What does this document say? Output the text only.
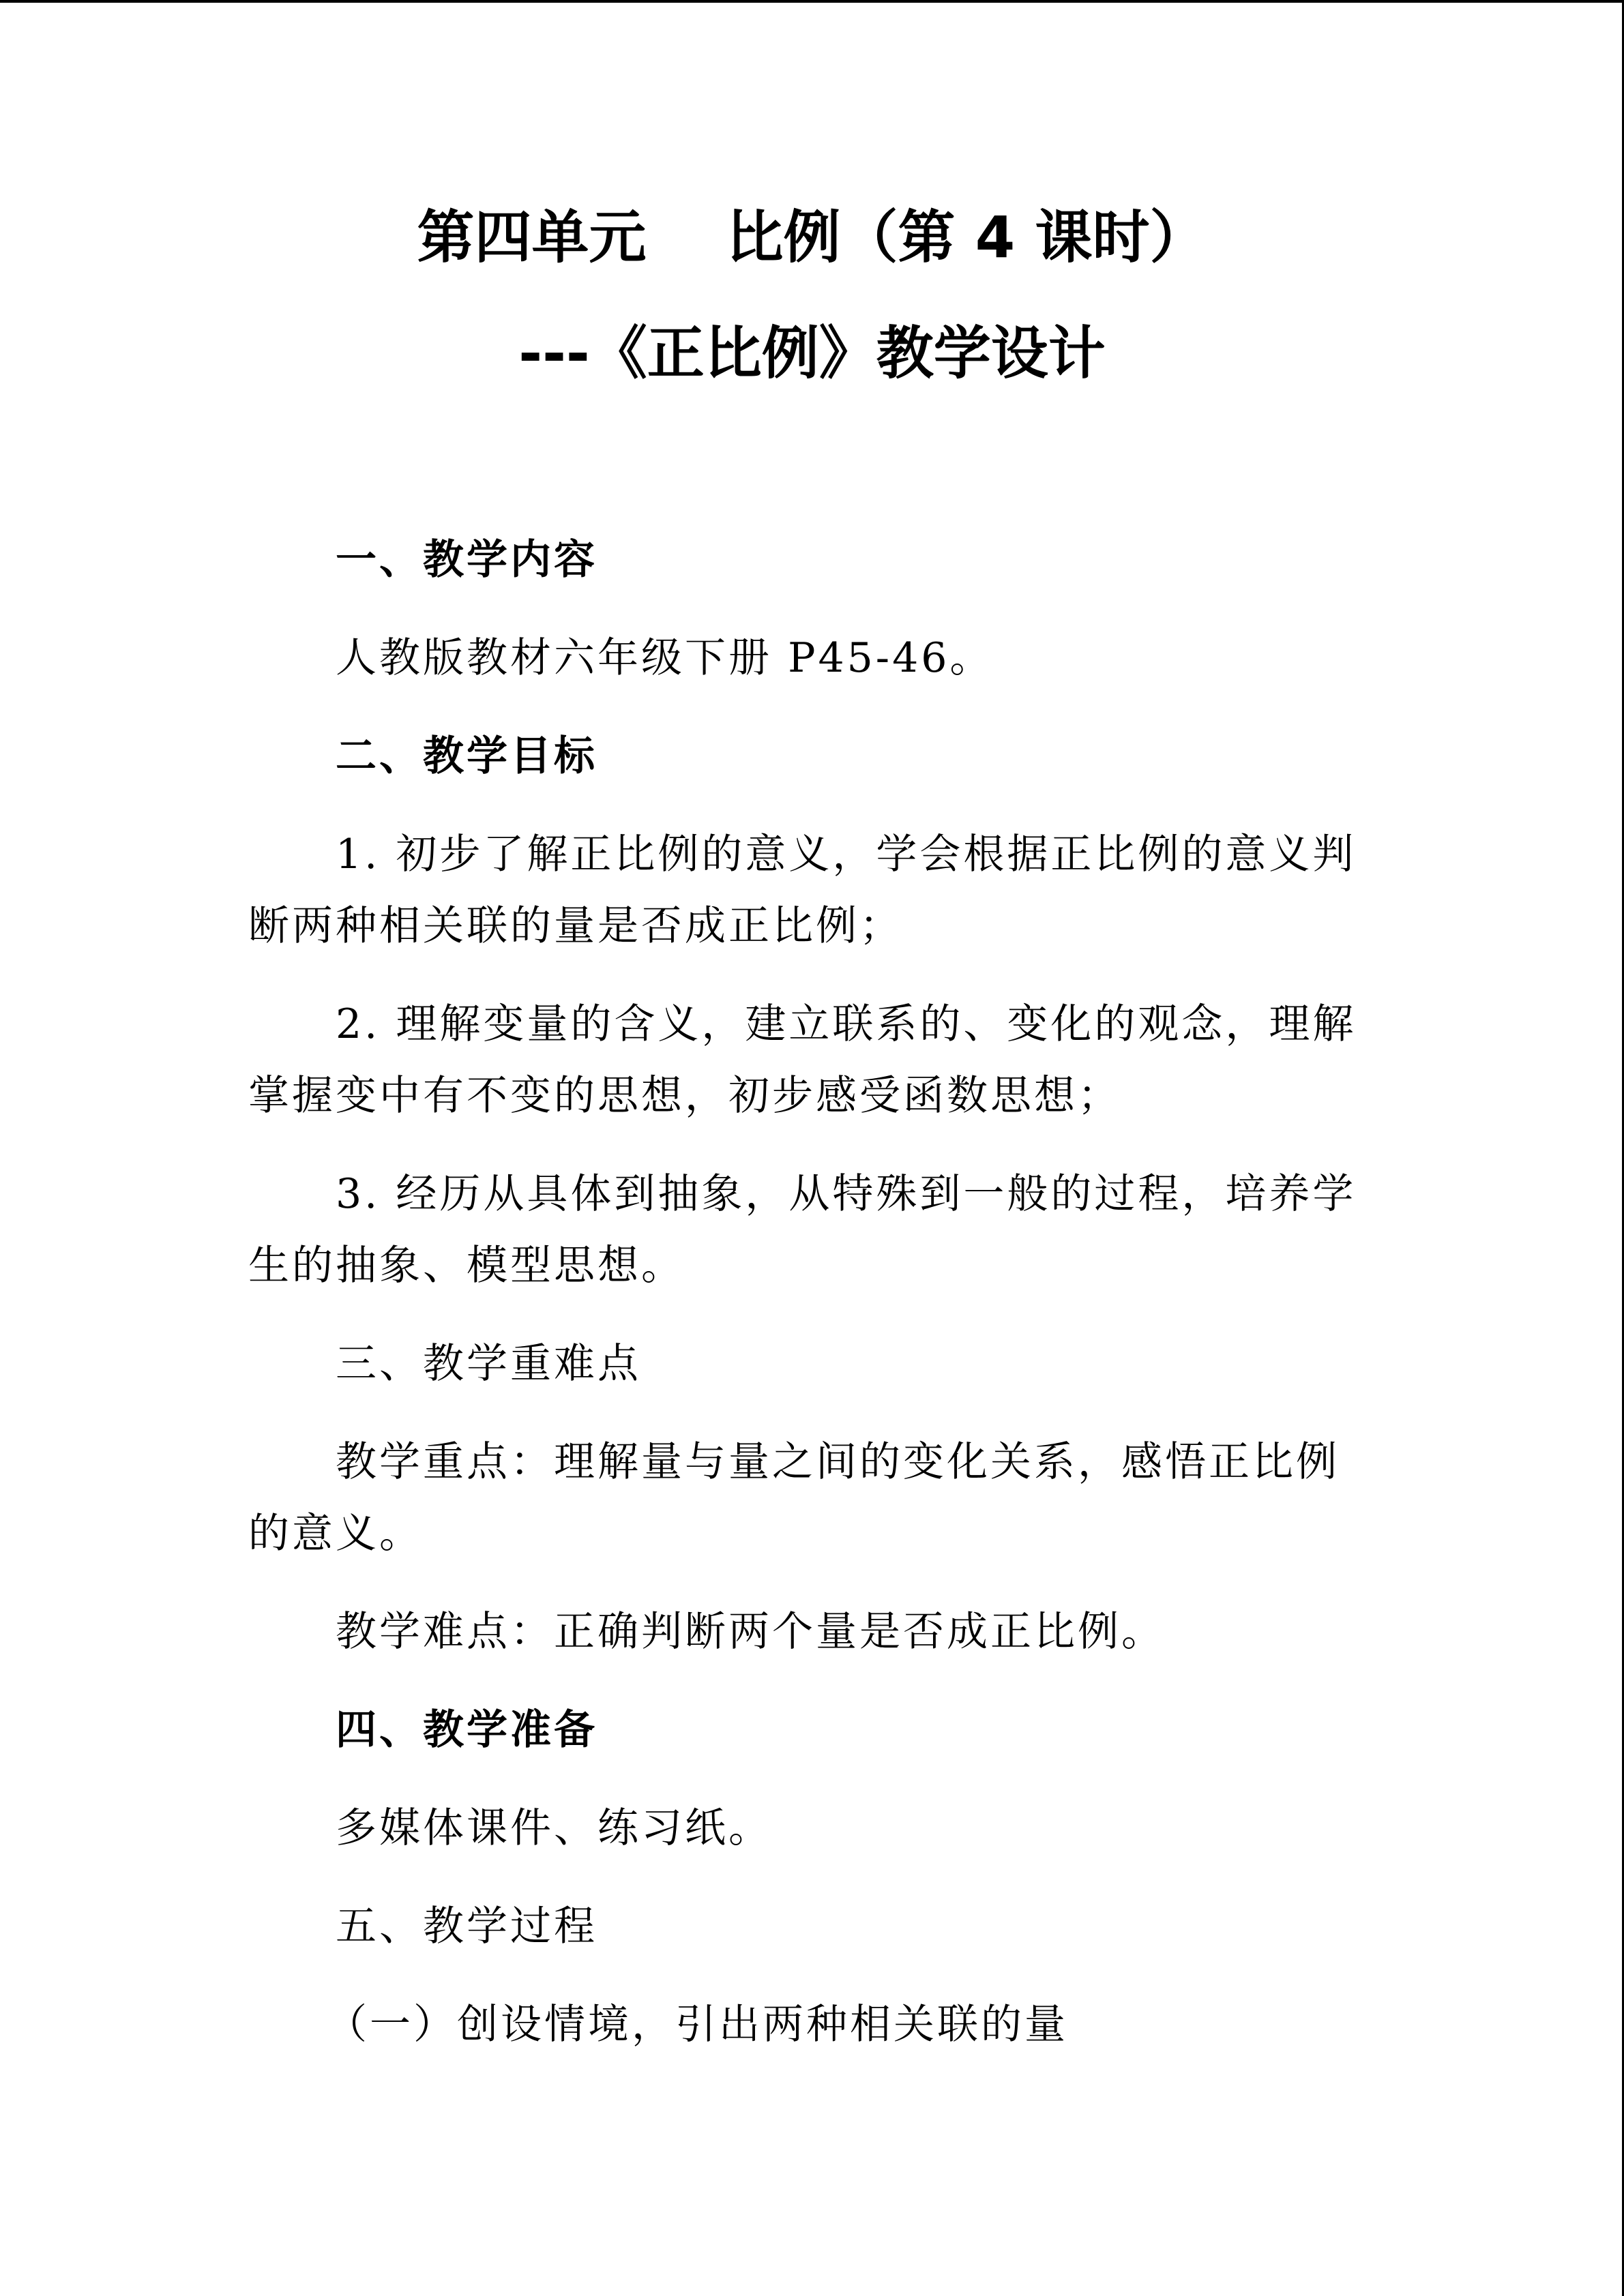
第四单元    比例（第 4 课时）
---《正比例》教学设计
一、教学内容
人教版教材六年级下册 P45-46。
二、教学目标
1. 初步了解正比例的意义，学会根据正比例的意义判
断两种相关联的量是否成正比例；
2. 理解变量的含义，建立联系的、变化的观念，理解
掌握变中有不变的思想，初步感受函数思想；
3. 经历从具体到抽象，从特殊到一般的过程，培养学
生的抽象、模型思想。
三、教学重难点
教学重点：理解量与量之间的变化关系，感悟正比例
的意义。
教学难点：正确判断两个量是否成正比例。
四、教学准备
多媒体课件、练习纸。
五、教学过程
（一）创设情境，引出两种相关联的量
